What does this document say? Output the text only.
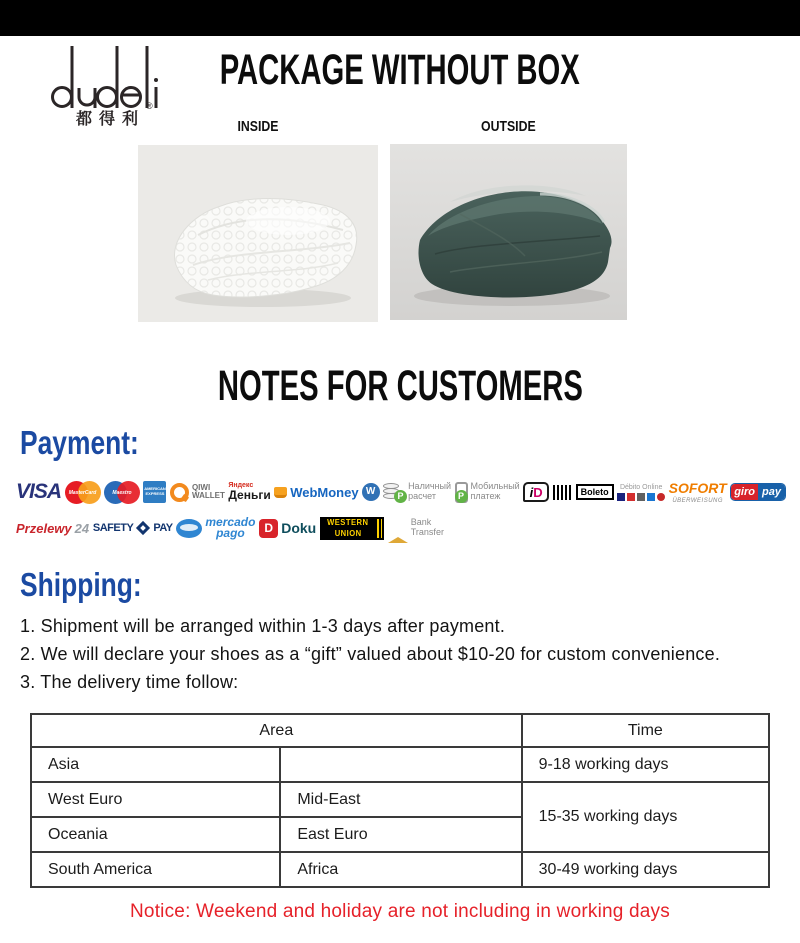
都得利
®
PACKAGE WITHOUT BOX
INSIDE	OUTSIDE
NOTES FOR CUSTOMERS
Payment:
VISA	MasterCard	Maestro
AMERICAN EXPRESS
QIWI
WALLET
Яндекс
Деньги WebMoney W	P
Наличный
расчет	P
Мобильный
платеж	iD	Boleto	Débito Online SOFORT
ÜBERWEISUNG
giro pay
Przelewy 24 SAFETY PAY	mercado
pago	D Doku WESTERN
UNION
Bank
Transfer
Shipping:
1. Shipment will be arranged within 1-3 days after payment.
2. We will declare your shoes as a “gift” valued about $10-20 for custom convenience.
3. The delivery time follow:
Area		Time
Asia		9-18 working days
West Euro	Mid-East	15-35 working days
Oceania	East Euro	
South America	Africa	30-49 working days
Notice: Weekend and holiday are not including in working days
